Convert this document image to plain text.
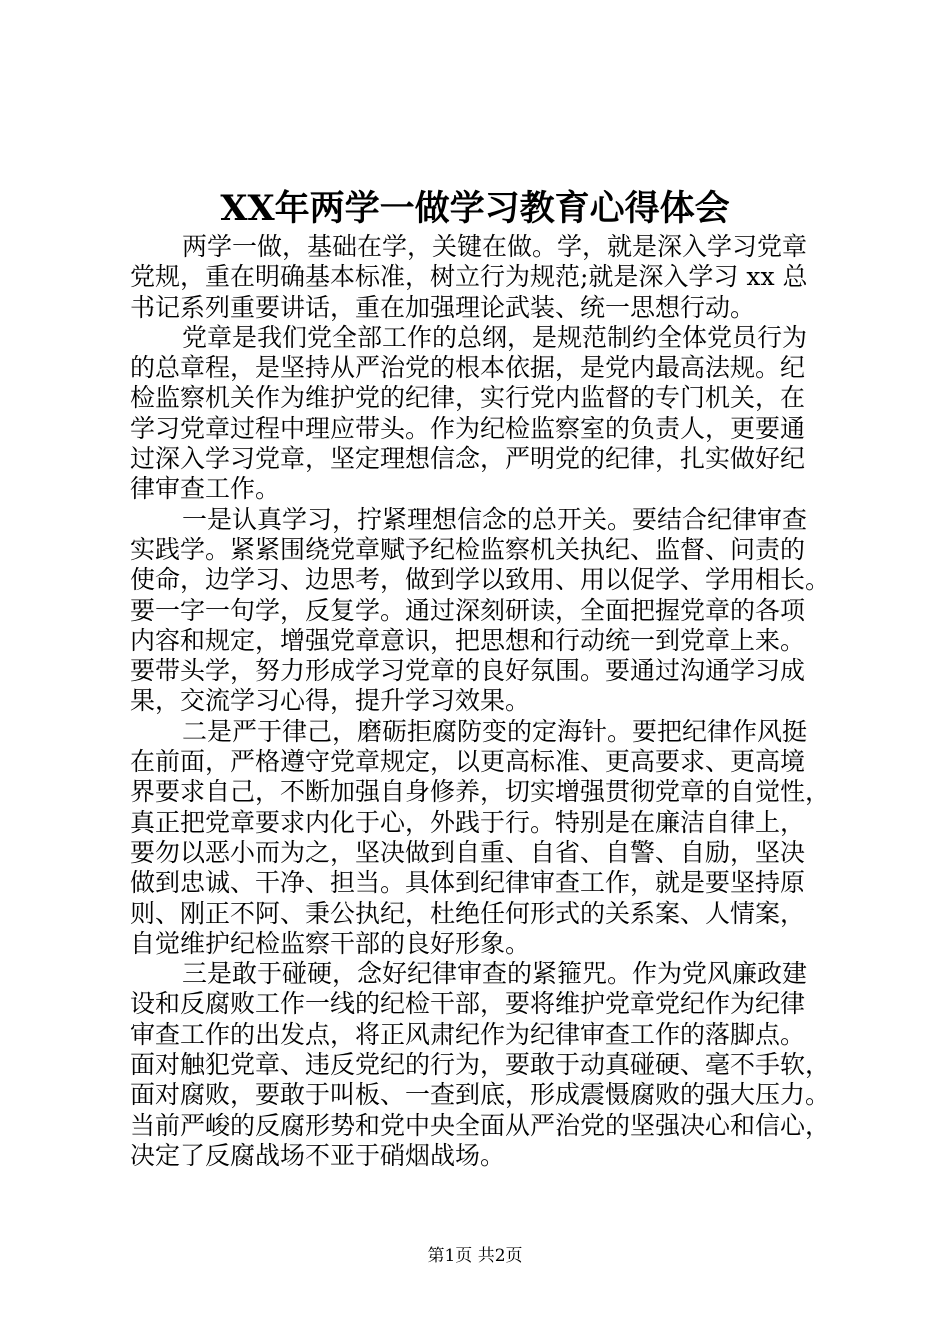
XX年两学一做学习教育心得体会
两学一做，基础在学，关键在做。学，就是深入学习党章
党规，重在明确基本标准，树立行为规范;就是深入学习 xx 总
书记系列重要讲话，重在加强理论武装、统一思想行动。
党章是我们党全部工作的总纲，是规范制约全体党员行为
的总章程，是坚持从严治党的根本依据，是党内最高法规。纪
检监察机关作为维护党的纪律，实行党内监督的专门机关，在
学习党章过程中理应带头。作为纪检监察室的负责人，更要通
过深入学习党章，坚定理想信念，严明党的纪律，扎实做好纪
律审查工作。
一是认真学习，拧紧理想信念的总开关。要结合纪律审查
实践学。紧紧围绕党章赋予纪检监察机关执纪、监督、问责的
使命，边学习、边思考，做到学以致用、用以促学、学用相长。
要一字一句学，反复学。通过深刻研读，全面把握党章的各项
内容和规定，增强党章意识，把思想和行动统一到党章上来。
要带头学，努力形成学习党章的良好氛围。要通过沟通学习成
果，交流学习心得，提升学习效果。
二是严于律己，磨砺拒腐防变的定海针。要把纪律作风挺
在前面，严格遵守党章规定，以更高标准、更高要求、更高境
界要求自己，不断加强自身修养，切实增强贯彻党章的自觉性，
真正把党章要求内化于心，外践于行。特别是在廉洁自律上，
要勿以恶小而为之，坚决做到自重、自省、自警、自励，坚决
做到忠诚、干净、担当。具体到纪律审查工作，就是要坚持原
则、刚正不阿、秉公执纪，杜绝任何形式的关系案、人情案，
自觉维护纪检监察干部的良好形象。
三是敢于碰硬，念好纪律审查的紧箍咒。作为党风廉政建
设和反腐败工作一线的纪检干部，要将维护党章党纪作为纪律
审查工作的出发点，将正风肃纪作为纪律审查工作的落脚点。
面对触犯党章、违反党纪的行为，要敢于动真碰硬、毫不手软，
面对腐败，要敢于叫板、一查到底，形成震慑腐败的强大压力。
当前严峻的反腐形势和党中央全面从严治党的坚强决心和信心，
决定了反腐战场不亚于硝烟战场。
第1页 共2页
